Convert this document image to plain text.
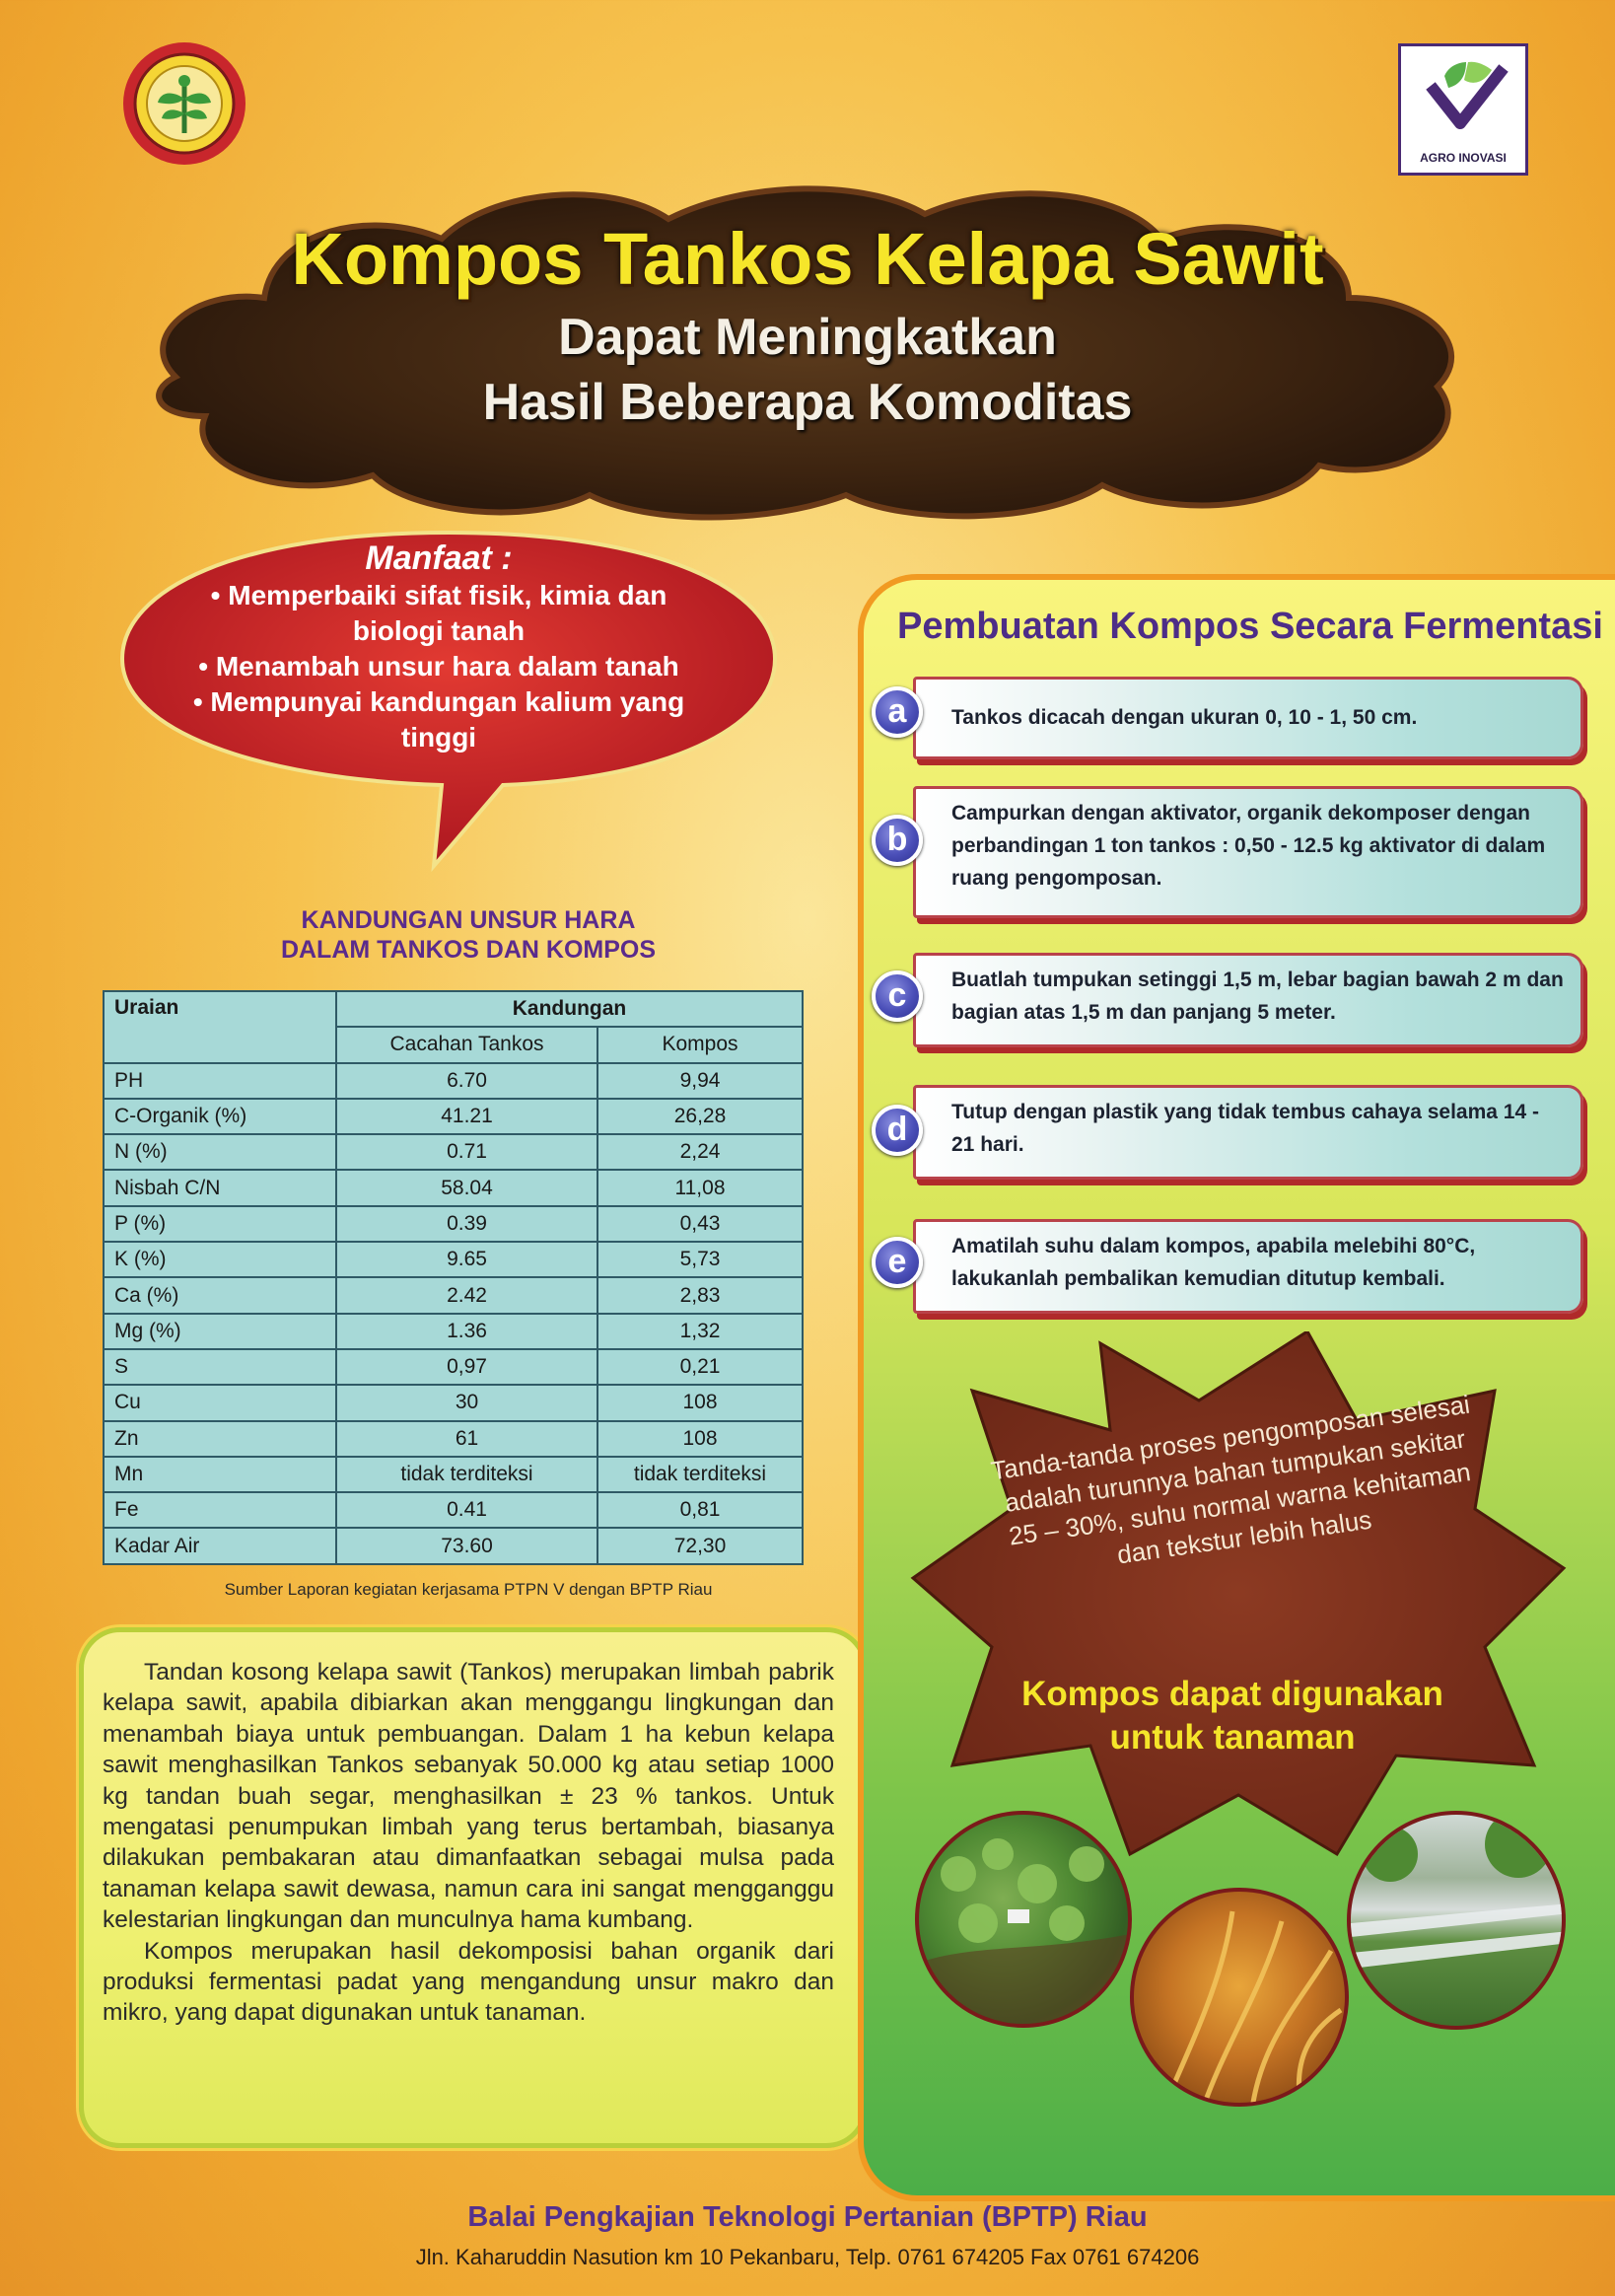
AGRO INOVASI
Kompos Tankos Kelapa Sawit
Dapat Meningkatkan
Hasil Beberapa Komoditas
Manfaat :
• Memperbaiki sifat fisik, kimia dan biologi tanah
• Menambah unsur hara dalam tanah
• Mempunyai kandungan kalium yang tinggi
KANDUNGAN UNSUR HARA
DALAM TANKOS DAN KOMPOS
Uraian	Kandungan	
	Cacahan Tankos	Kompos
PH	6.70	9,94
C-Organik (%)	41.21	26,28
N (%)	0.71	2,24
Nisbah C/N	58.04	11,08
P (%)	0.39	0,43
K (%)	9.65	5,73
Ca (%)	2.42	2,83
Mg (%)	1.36	1,32
S	0,97	0,21
Cu	30	108
Zn	61	108
Mn	tidak terditeksi	tidak terditeksi
Fe	0.41	0,81
Kadar Air	73.60	72,30
Sumber Laporan kegiatan kerjasama PTPN V dengan BPTP Riau

Tandan kosong kelapa sawit (Tankos) merupakan limbah pabrik kelapa sawit, apabila dibiarkan akan menggangu lingkungan dan menambah biaya untuk pembuangan. Dalam 1 ha kebun kelapa sawit menghasilkan Tankos sebanyak 50.000 kg atau setiap 1000 kg tandan buah segar, menghasilkan ± 23 % tankos. Untuk mengatasi penumpukan limbah yang terus bertambah, biasanya dilakukan pembakaran atau dimanfaatkan sebagai mulsa pada tanaman kelapa sawit dewasa, namun cara ini sangat mengganggu kelestarian lingkungan dan munculnya hama kumbang.

Kompos merupakan hasil dekomposisi bahan organik dari produksi fermentasi padat yang mengandung unsur makro dan mikro, yang dapat digunakan untuk tanaman.

Pembuatan Kompos Secara Fermentasi
Tankos dicacah dengan ukuran 0, 10 - 1, 50 cm.
a
Campurkan dengan aktivator, organik dekomposer dengan perbandingan 1 ton tankos : 0,50 - 12.5 kg aktivator di dalam ruang pengomposan.
b
Buatlah tumpukan setinggi 1,5 m, lebar bagian bawah 2 m dan bagian atas 1,5 m dan panjang 5 meter.
c
Tutup dengan plastik yang tidak tembus cahaya selama 14 - 21 hari.
d
Amatilah suhu dalam kompos, apabila melebihi 80°C, lakukanlah pembalikan kemudian ditutup kembali.
e
Tanda-tanda proses pengomposan selesai adalah turunnya bahan tumpukan sekitar 25 – 30%, suhu normal warna kehitaman dan tekstur lebih halus
Kompos dapat digunakan untuk tanaman
Balai Pengkajian Teknologi Pertanian (BPTP) Riau
Jln. Kaharuddin Nasution km 10 Pekanbaru, Telp. 0761 674205 Fax 0761 674206
